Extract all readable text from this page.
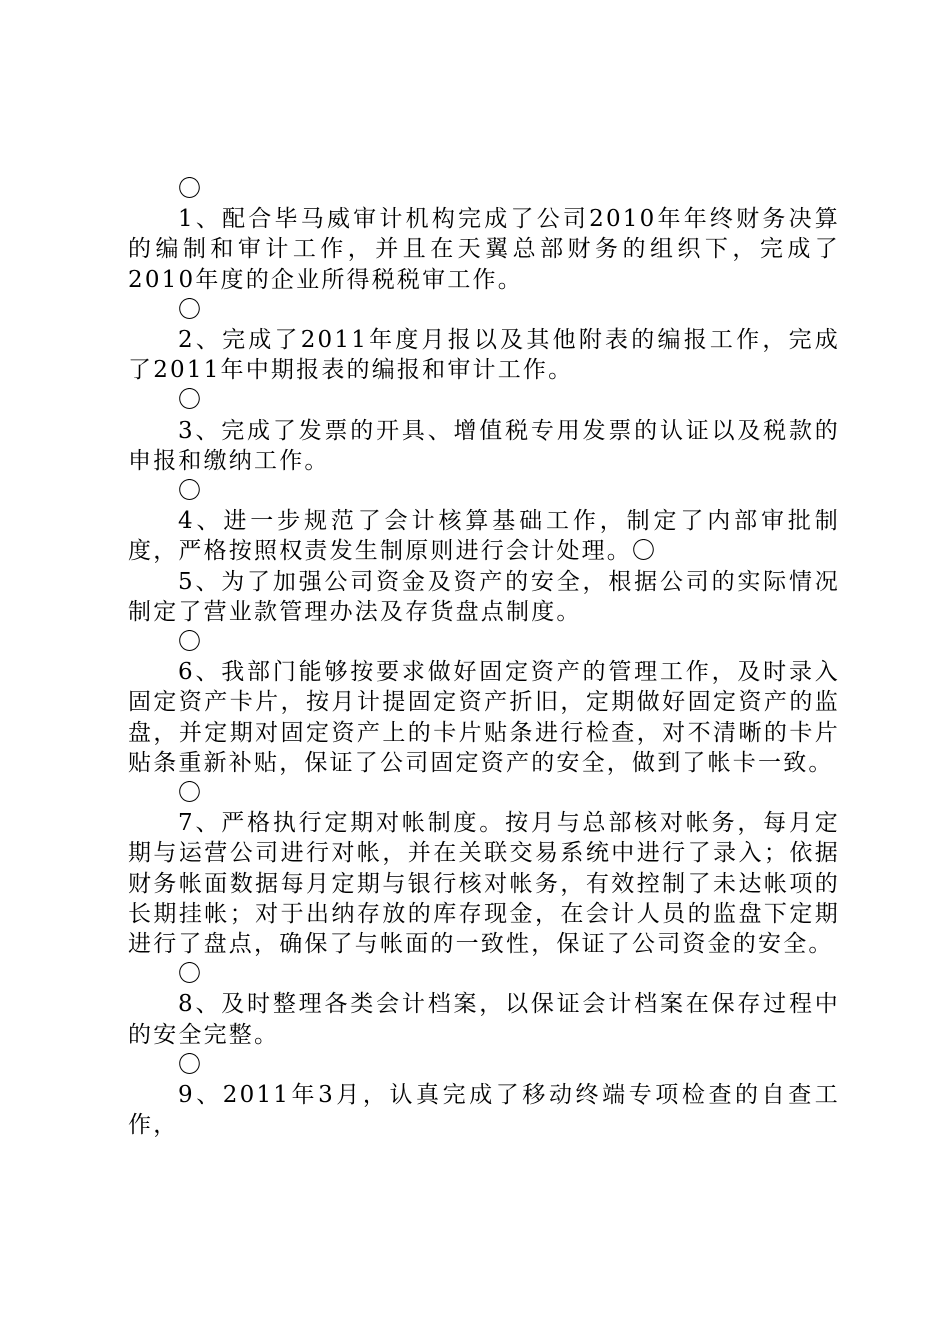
〇

1、配合毕马威审计机构完成了公司2010年年终财务决算的编制和审计工作，并且在天翼总部财务的组织下，完成了2010年度的企业所得税税审工作。

〇

2、完成了2011年度月报以及其他附表的编报工作，完成了2011年中期报表的编报和审计工作。

〇

3、完成了发票的开具、增值税专用发票的认证以及税款的申报和缴纳工作。

〇

4、进一步规范了会计核算基础工作，制定了内部审批制度，严格按照权责发生制原则进行会计处理。〇

5、为了加强公司资金及资产的安全，根据公司的实际情况制定了营业款管理办法及存货盘点制度。

〇

6、我部门能够按要求做好固定资产的管理工作，及时录入固定资产卡片，按月计提固定资产折旧，定期做好固定资产的监盘，并定期对固定资产上的卡片贴条进行检查，对不清晰的卡片贴条重新补贴，保证了公司固定资产的安全，做到了帐卡一致。

〇

7、严格执行定期对帐制度。按月与总部核对帐务，每月定期与运营公司进行对帐，并在关联交易系统中进行了录入；依据财务帐面数据每月定期与银行核对帐务，有效控制了未达帐项的长期挂帐；对于出纳存放的库存现金，在会计人员的监盘下定期进行了盘点，确保了与帐面的一致性，保证了公司资金的安全。

〇

8、及时整理各类会计档案，以保证会计档案在保存过程中的安全完整。

〇

9、2011年3月，认真完成了移动终端专项检查的自查工作，
